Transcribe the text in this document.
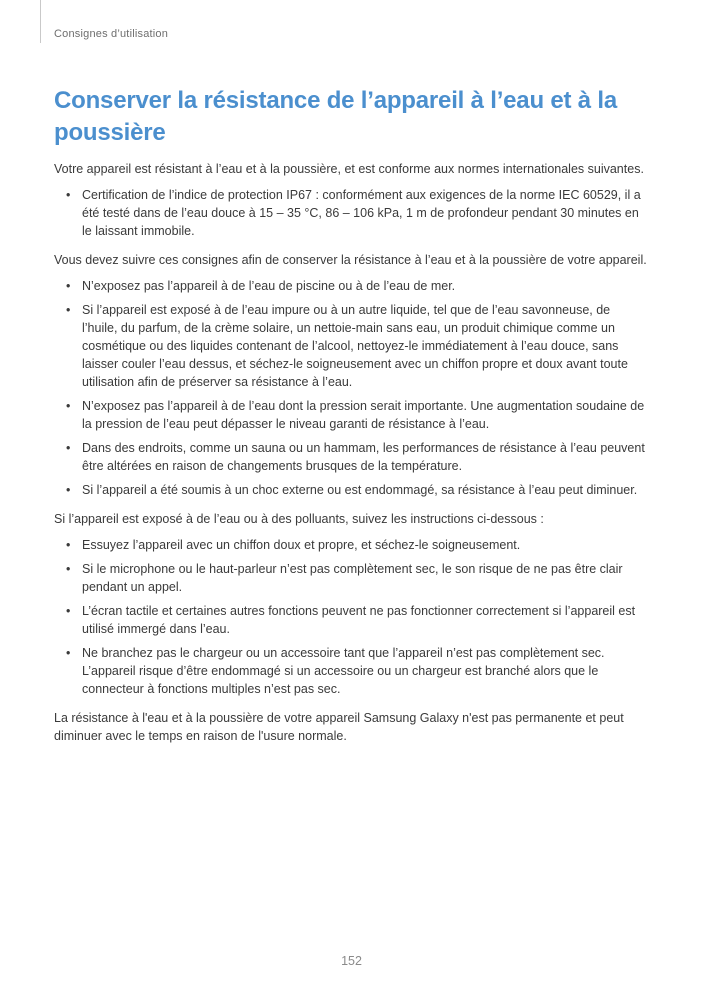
Consignes d’utilisation
Conserver la résistance de l’appareil à l’eau et à la poussière

Votre appareil est résistant à l’eau et à la poussière, et est conforme aux normes internationales suivantes.

• Certification de l’indice de protection IP67 : conformément aux exigences de la norme IEC 60529, il a été testé dans de l’eau douce à 15 – 35 °C, 86 – 106 kPa, 1 m de profondeur pendant 30 minutes en le laissant immobile.

Vous devez suivre ces consignes afin de conserver la résistance à l’eau et à la poussière de votre appareil.

• N’exposez pas l’appareil à de l’eau de piscine ou à de l’eau de mer.
• Si l’appareil est exposé à de l’eau impure ou à un autre liquide, tel que de l’eau savonneuse, de l’huile, du parfum, de la crème solaire, un nettoie-main sans eau, un produit chimique comme un cosmétique ou des liquides contenant de l’alcool, nettoyez-le immédiatement à l’eau douce, sans laisser couler l’eau dessus, et séchez-le soigneusement avec un chiffon propre et doux avant toute utilisation afin de préserver sa résistance à l’eau.
• N’exposez pas l’appareil à de l’eau dont la pression serait importante. Une augmentation soudaine de la pression de l’eau peut dépasser le niveau garanti de résistance à l’eau.
• Dans des endroits, comme un sauna ou un hammam, les performances de résistance à l’eau peuvent être altérées en raison de changements brusques de la température.
• Si l’appareil a été soumis à un choc externe ou est endommagé, sa résistance à l’eau peut diminuer.

Si l’appareil est exposé à de l’eau ou à des polluants, suivez les instructions ci-dessous :

• Essuyez l’appareil avec un chiffon doux et propre, et séchez-le soigneusement.
• Si le microphone ou le haut-parleur n’est pas complètement sec, le son risque de ne pas être clair pendant un appel.
• L’écran tactile et certaines autres fonctions peuvent ne pas fonctionner correctement si l’appareil est utilisé immergé dans l’eau.
• Ne branchez pas le chargeur ou un accessoire tant que l’appareil n’est pas complètement sec. L’appareil risque d’être endommagé si un accessoire ou un chargeur est branché alors que le connecteur à fonctions multiples n’est pas sec.

La résistance à l'eau et à la poussière de votre appareil Samsung Galaxy n'est pas permanente et peut diminuer avec le temps en raison de l'usure normale.

152
